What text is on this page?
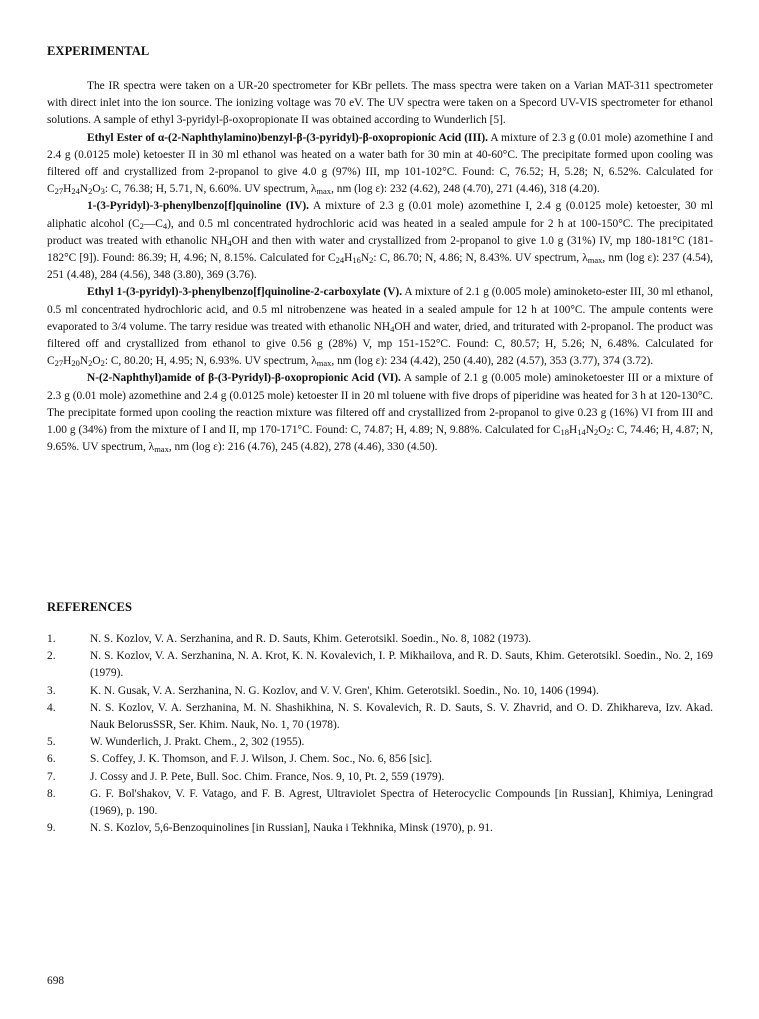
EXPERIMENTAL

The IR spectra were taken on a UR-20 spectrometer for KBr pellets. The mass spectra were taken on a Varian MAT-311 spectrometer with direct inlet into the ion source. The ionizing voltage was 70 eV. The UV spectra were taken on a Specord UV-VIS spectrometer for ethanol solutions. A sample of ethyl 3-pyridyl-β-oxopropionate II was obtained according to Wunderlich [5].

Ethyl Ester of α-(2-Naphthylamino)benzyl-β-(3-pyridyl)-β-oxopropionic Acid (III). A mixture of 2.3 g (0.01 mole) azomethine I and 2.4 g (0.0125 mole) ketoester II in 30 ml ethanol was heated on a water bath for 30 min at 40-60°C. The precipitate formed upon cooling was filtered off and crystallized from 2-propanol to give 4.0 g (97%) III, mp 101-102°C. Found: C, 76.52; H, 5.28; N, 6.52%. Calculated for $C_{27}H_{24}N_2O_3$: C, 76.38; H, 5.71, N, 6.60%. UV spectrum, $\lambda_{max}$, nm (log ε): 232 (4.62), 248 (4.70), 271 (4.46), 318 (4.20).

1-(3-Pyridyl)-3-phenylbenzo[f]quinoline (IV). A mixture of 2.3 g (0.01 mole) azomethine I, 2.4 g (0.0125 mole) ketoester, 30 ml aliphatic alcohol $(C_2—C_4)$, and 0.5 ml concentrated hydrochloric acid was heated in a sealed ampule for 2 h at 100-150°C. The precipitated product was treated with ethanolic $NH_4OH$ and then with water and crystallized from 2-propanol to give 1.0 g (31%) IV, mp 180-181°C (181-182°C [9]). Found: 86.39; H, 4.96; N, 8.15%. Calculated for $C_{24}H_{16}N_2$: C, 86.70; N, 4.86; N, 8.43%. UV spectrum, $\lambda_{max}$, nm (log ε): 237 (4.54), 251 (4.48), 284 (4.56), 348 (3.80), 369 (3.76).

Ethyl 1-(3-pyridyl)-3-phenylbenzo[f]quinoline-2-carboxylate (V). A mixture of 2.1 g (0.005 mole) aminoketo-ester III, 30 ml ethanol, 0.5 ml concentrated hydrochloric acid, and 0.5 ml nitrobenzene was heated in a sealed ampule for 12 h at 100°C. The ampule contents were evaporated to 3/4 volume. The tarry residue was treated with ethanolic $NH_4OH$ and water, dried, and triturated with 2-propanol. The product was filtered off and crystallized from ethanol to give 0.56 g (28%) V, mp 151-152°C. Found: C, 80.57; H, 5.26; N, 6.48%. Calculated for $C_{27}H_{20}N_2O_2$: C, 80.20; H, 4.95; N, 6.93%. UV spectrum, $\lambda_{max}$, nm (log ε): 234 (4.42), 250 (4.40), 282 (4.57), 353 (3.77), 374 (3.72).

N-(2-Naphthyl)amide of β-(3-Pyridyl)-β-oxopropionic Acid (VI). A sample of 2.1 g (0.005 mole) aminoketoester III or a mixture of 2.3 g (0.01 mole) azomethine and 2.4 g (0.0125 mole) ketoester II in 20 ml toluene with five drops of piperidine was heated for 3 h at 120-130°C. The precipitate formed upon cooling the reaction mixture was filtered off and crystallized from 2-propanol to give 0.23 g (16%) VI from III and 1.00 g (34%) from the mixture of I and II, mp 170-171°C. Found: C, 74.87; H, 4.89; N, 9.88%. Calculated for $C_{18}H_{14}N_2O_2$: C, 74.46; H, 4.87; N, 9.65%. UV spectrum, $\lambda_{max}$, nm (log ε): 216 (4.76), 245 (4.82), 278 (4.46), 330 (4.50).

REFERENCES
1.	N. S. Kozlov, V. A. Serzhanina, and R. D. Sauts, Khim. Geterotsikl. Soedin., No. 8, 1082 (1973).
2.	N. S. Kozlov, V. A. Serzhanina, N. A. Krot, K. N. Kovalevich, I. P. Mikhailova, and R. D. Sauts, Khim. Geterotsikl. Soedin., No. 2, 169 (1979).
3.	K. N. Gusak, V. A. Serzhanina, N. G. Kozlov, and V. V. Gren', Khim. Geterotsikl. Soedin., No. 10, 1406 (1994).
4.	N. S. Kozlov, V. A. Serzhanina, M. N. Shashikhina, N. S. Kovalevich, R. D. Sauts, S. V. Zhavrid, and O. D. Zhikhareva, Izv. Akad. Nauk BelorusSSR, Ser. Khim. Nauk, No. 1, 70 (1978).
5.	W. Wunderlich, J. Prakt. Chem., 2, 302 (1955).
6.	S. Coffey, J. K. Thomson, and F. J. Wilson, J. Chem. Soc., No. 6, 856 [sic].
7.	J. Cossy and J. P. Pete, Bull. Soc. Chim. France, Nos. 9, 10, Pt. 2, 559 (1979).
8.	G. F. Bol'shakov, V. F. Vatago, and F. B. Agrest, Ultraviolet Spectra of Heterocyclic Compounds [in Russian], Khimiya, Leningrad (1969), p. 190.
9.	N. S. Kozlov, 5,6-Benzoquinolines [in Russian], Nauka i Tekhnika, Minsk (1970), p. 91.
698
